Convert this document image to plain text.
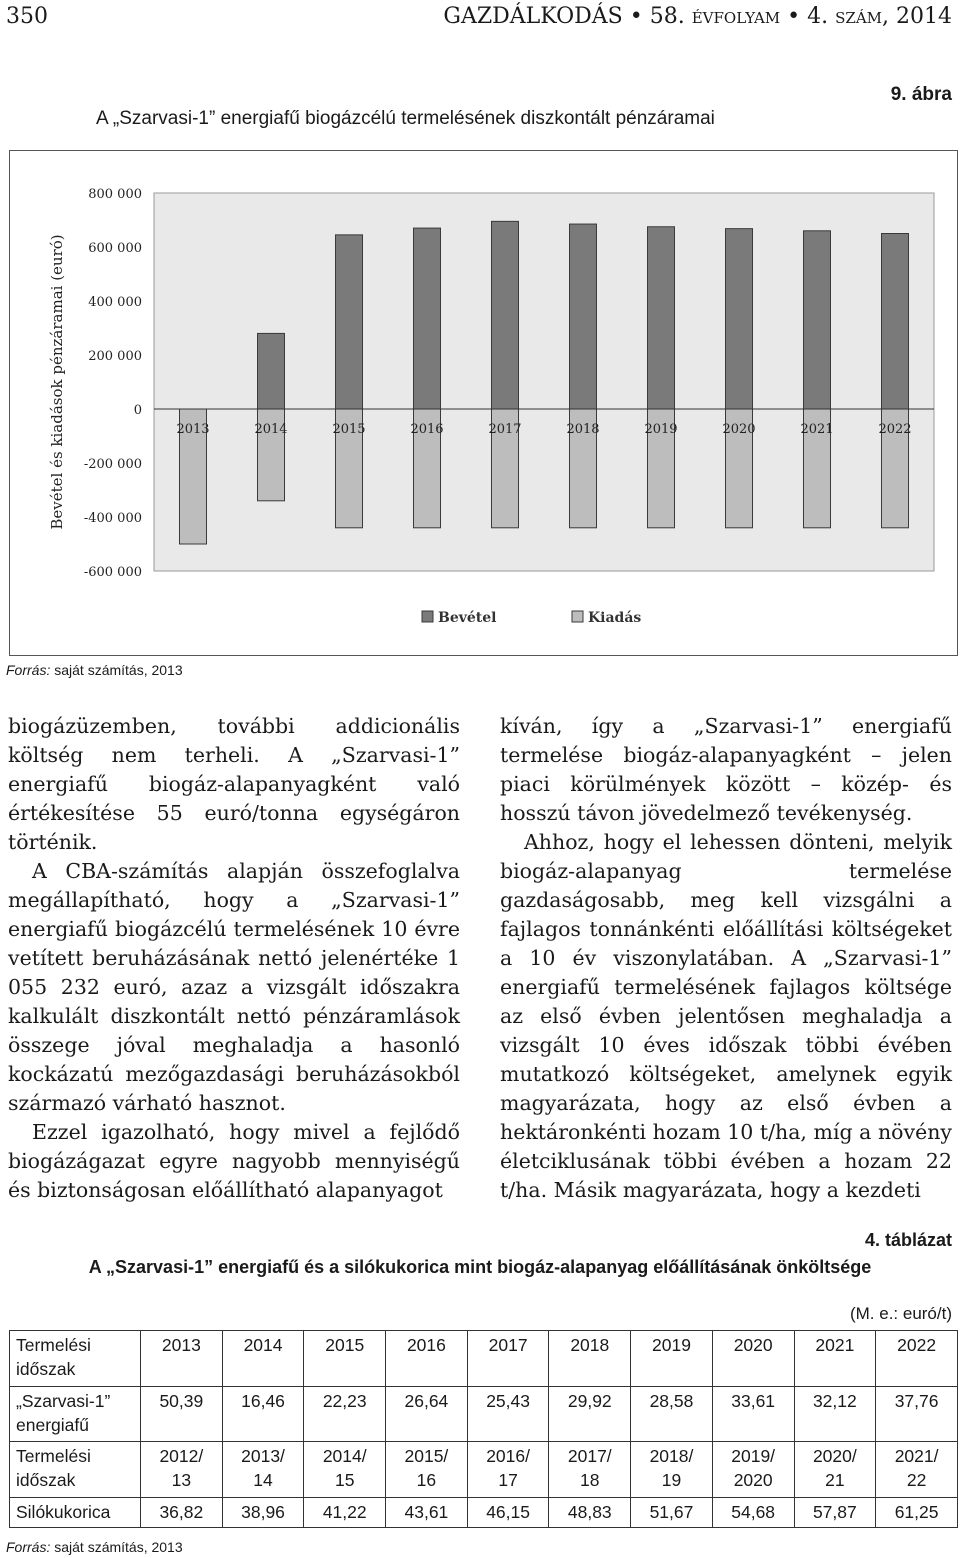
350	GAZDÁLKODÁS • 58. évfolyam • 4. szám, 2014
9. ábra
A „Szarvasi-1” energiafű biogázcélú termelésének diszkontált pénzáramai
800 000
600 000
400 000
200 000
0
-200 000
-400 000
-600 000
Bevétel és kiadások pénzáramai (euró)	2013	2014	2015	2016	2017	2018	2019	2020	2021	2022
Bevétel	Kiadás
Forrás: saját számítás, 2013

biogázüzemben, további addicionális költség nem terheli. A „Szarvasi-1” energiafű biogáz-alapanyagként való értékesítése 55 euró/tonna egységáron történik.

A CBA-számítás alapján összefoglalva megállapítható, hogy a „Szarvasi-1” energiafű biogázcélú termelésének 10 évre vetített beruházásának nettó jelenértéke 1 055 232 euró, azaz a vizsgált időszakra kalkulált diszkontált nettó pénzáramlások összege jóval meghaladja a hasonló kockázatú mezőgazdasági beruházásokból származó várható hasznot.

Ezzel igazolható, hogy mivel a fejlődő biogázágazat egyre nagyobb mennyiségű és biztonságosan előállítható alapanyagot

kíván, így a „Szarvasi-1” energiafű termelése biogáz-alapanyagként – jelen piaci körülmények között – közép- és hosszú távon jövedelmező tevékenység.

Ahhoz, hogy el lehessen dönteni, melyik biogáz-alapanyag termelése gazdaságosabb, meg kell vizsgálni a fajlagos tonnánkénti előállítási költségeket a 10 év viszonylatában. A „Szarvasi-1” energiafű termelésének fajlagos költsége az első évben jelentősen meghaladja a vizsgált 10 éves időszak többi évében mutatkozó költségeket, amelynek egyik magyarázata, hogy az első évben a hektáronkénti hozam 10 t/ha, míg a növény életciklusának többi évében a hozam 22 t/ha. Másik magyarázata, hogy a kezdeti

4. táblázat
A „Szarvasi-1” energiafű és a silókukorica mint biogáz-alapanyag előállításának önköltsége
(M. e.: euró/t)
Termelési
időszak	2013	2014	2015	2016	2017	2018	2019	2020	2021	2022

„Szarvasi-1”
energiafű	50,39	16,46	22,23	26,64	25,43	29,92	28,58	33,61	32,12	37,76

Termelési
időszak	2012/
13	2013/
14	2014/
15	2015/
16	2016/
17	2017/
18	2018/
19	2019/
2020	2020/
21	2021/
22

Silókukorica	36,82	38,96	41,22	43,61	46,15	48,83	51,67	54,68	57,87	61,25
Forrás: saját számítás, 2013
